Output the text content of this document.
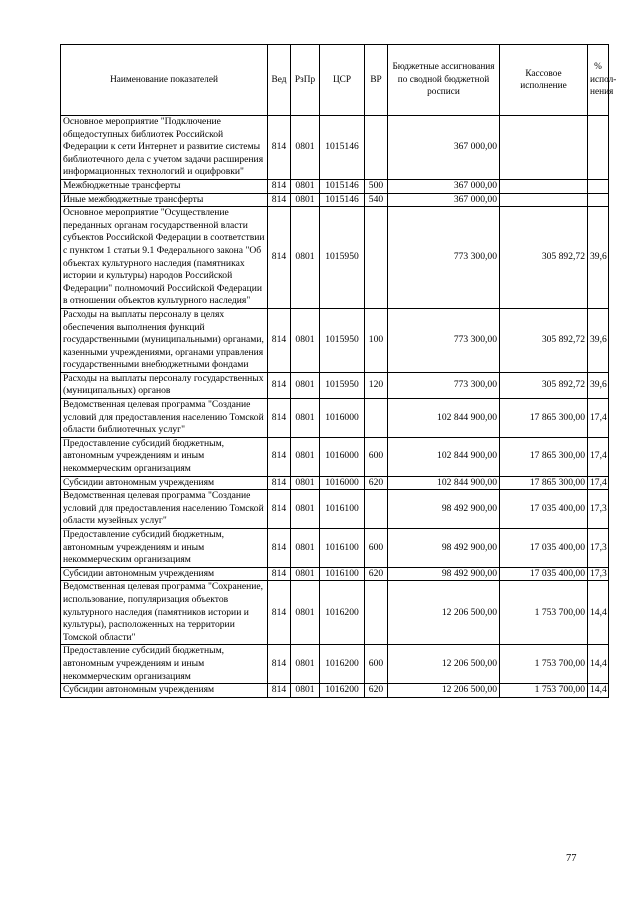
Наименование показателей	Вед	РзПр	ЦСР	ВР	Бюджетные ассигнования по сводной бюджетной росписи	Кассовое исполнение	% испол-нения
Основное мероприятие "Подключение общедоступных библиотек Российской Федерации к сети Интернет и развитие системы библиотечного дела с учетом задачи расширения информационных технологий и оцифровки"	814	0801	1015146		367 000,00		
Межбюджетные трансферты	814	0801	1015146	500	367 000,00		
Иные межбюджетные трансферты	814	0801	1015146	540	367 000,00		
Основное мероприятие "Осуществление переданных органам государственной власти субъектов Российской Федерации в соответствии с пунктом 1 статьи 9.1 Федерального закона "Об объектах культурного наследия (памятниках истории и культуры) народов Российской Федерации" полномочий Российской Федерации в отношении объектов культурного наследия"	814	0801	1015950		773 300,00	305 892,72	39,6
Расходы на выплаты персоналу в целях обеспечения выполнения функций государственными (муниципальными) органами, казенными учреждениями, органами управления государственными внебюджетными фондами	814	0801	1015950	100	773 300,00	305 892,72	39,6
Расходы на выплаты персоналу государственных (муниципальных) органов	814	0801	1015950	120	773 300,00	305 892,72	39,6
Ведомственная целевая программа "Создание условий для предоставления населению Томской области библиотечных услуг"	814	0801	1016000		102 844 900,00	17 865 300,00	17,4
Предоставление субсидий бюджетным, автономным учреждениям и иным некоммерческим организациям	814	0801	1016000	600	102 844 900,00	17 865 300,00	17,4
Субсидии автономным учреждениям	814	0801	1016000	620	102 844 900,00	17 865 300,00	17,4
Ведомственная целевая программа "Создание условий для предоставления населению Томской области музейных услуг"	814	0801	1016100		98 492 900,00	17 035 400,00	17,3
Предоставление субсидий бюджетным, автономным учреждениям и иным некоммерческим организациям	814	0801	1016100	600	98 492 900,00	17 035 400,00	17,3
Субсидии автономным учреждениям	814	0801	1016100	620	98 492 900,00	17 035 400,00	17,3
Ведомственная целевая программа "Сохранение, использование, популяризация объектов культурного наследия (памятников истории и культуры), расположенных на территории Томской области"	814	0801	1016200		12 206 500,00	1 753 700,00	14,4
Предоставление субсидий бюджетным, автономным учреждениям и иным некоммерческим организациям	814	0801	1016200	600	12 206 500,00	1 753 700,00	14,4
Субсидии автономным учреждениям	814	0801	1016200	620	12 206 500,00	1 753 700,00	14,4
77
